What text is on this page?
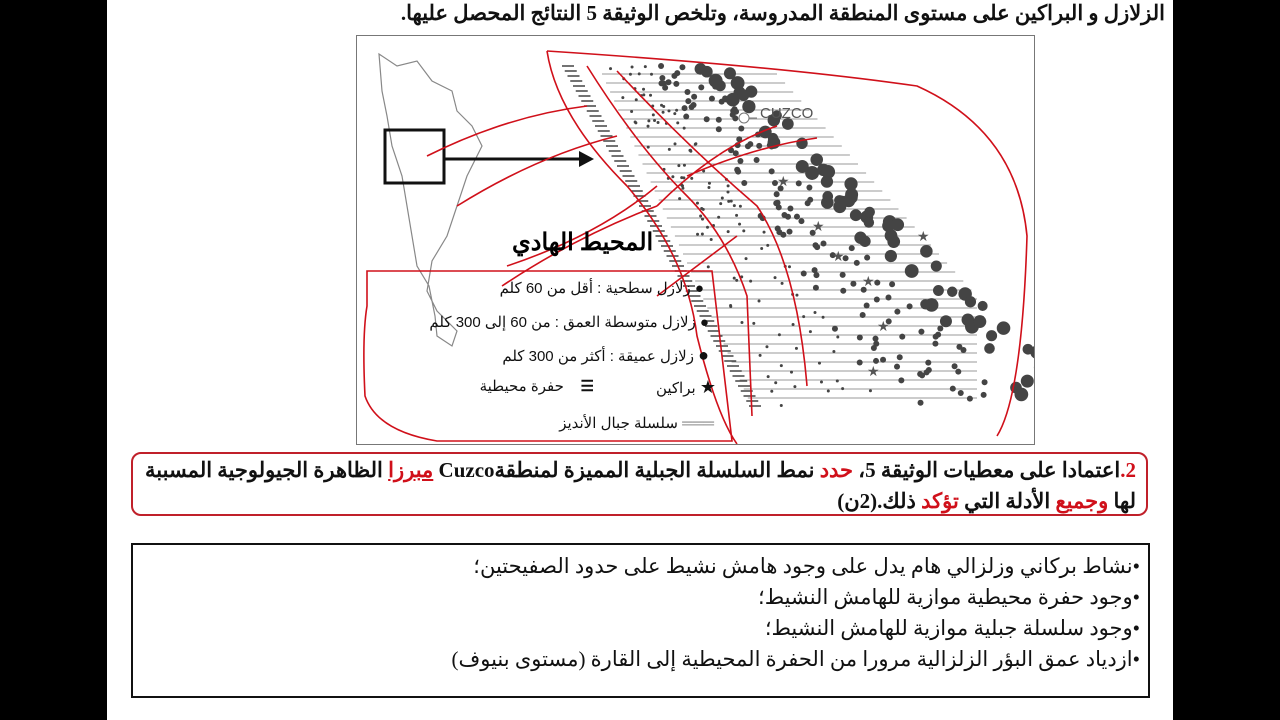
الزلازل و البراكين على مستوى المنطقة المدروسة، وتلخص الوثيقة 5 النتائج المحصل عليها.
★
★
★
★
★
★
★
المحيط الهادي
CUZCO
● زلازل سطحية : أقل من 60 كلم
● زلازل متوسطة العمق : من 60 إلى 300 كلم
● زلازل عميقة : أكثر من 300 كلم
★ براكين
☰    حفرة محيطية
═══ سلسلة جبال الأنديز
2.اعتمادا على معطيات الوثيقة 5، حدد نمط السلسلة الجبلية المميزة لمنطقةCuzco مبرزا الظاهرة الجيولوجية المسببة لها وجميع الأدلة التي تؤكد ذلك.(2ن)
•نشاط بركاني وزلزالي هام يدل على وجود هامش نشيط على حدود الصفيحتين؛
•وجود حفرة محيطية موازية للهامش النشيط؛
•وجود سلسلة جبلية موازية للهامش النشيط؛
•ازدياد عمق البؤر الزلزالية مرورا من الحفرة المحيطية إلى القارة (مستوى بنيوف)
